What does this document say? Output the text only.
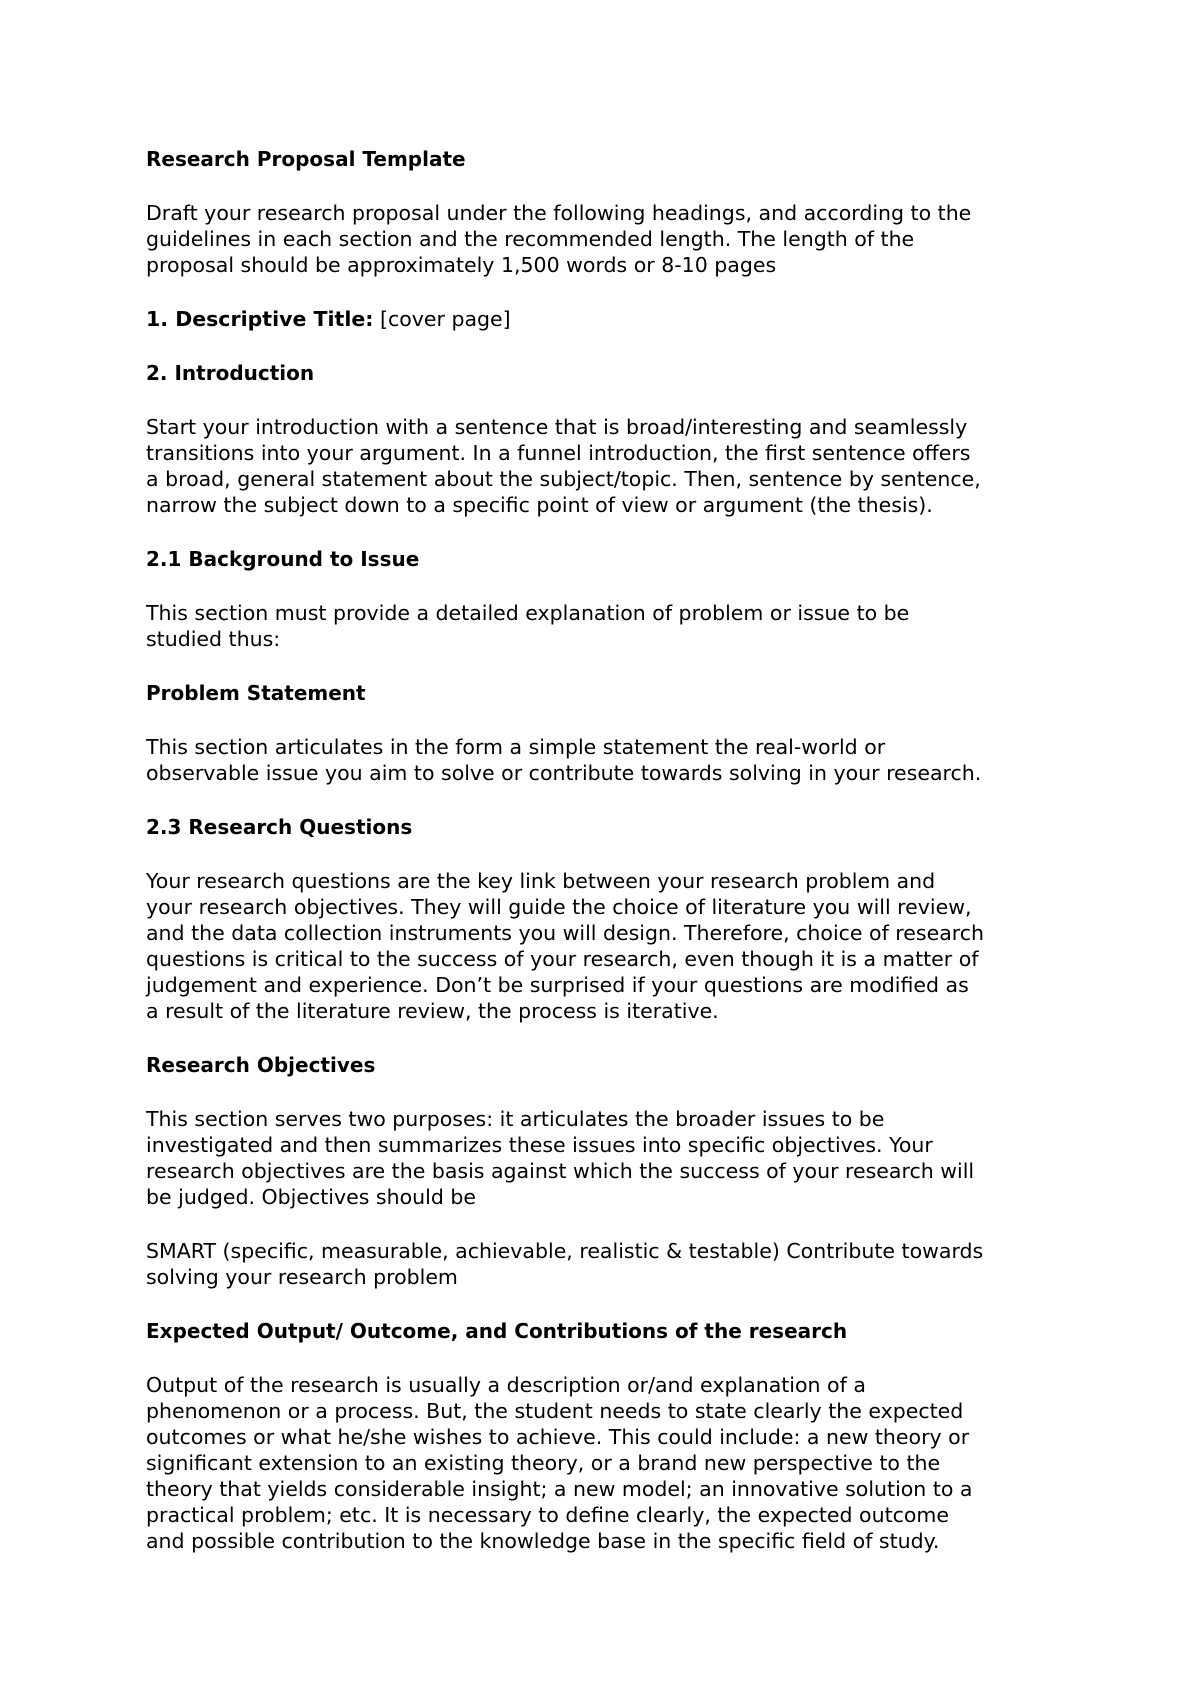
Research Proposal Template
Draft your research proposal under the following headings, and according to the
guidelines in each section and the recommended length. The length of the
proposal should be approximately 1,500 words or 8-10 pages
1. Descriptive Title: [cover page]
2. Introduction
Start your introduction with a sentence that is broad/interesting and seamlessly
transitions into your argument. In a funnel introduction, the first sentence offers
a broad, general statement about the subject/topic. Then, sentence by sentence,
narrow the subject down to a specific point of view or argument (the thesis).
2.1 Background to Issue
This section must provide a detailed explanation of problem or issue to be
studied thus:
Problem Statement
This section articulates in the form a simple statement the real-world or
observable issue you aim to solve or contribute towards solving in your research.
2.3 Research Questions
Your research questions are the key link between your research problem and
your research objectives. They will guide the choice of literature you will review,
and the data collection instruments you will design. Therefore, choice of research
questions is critical to the success of your research, even though it is a matter of
judgement and experience. Don’t be surprised if your questions are modified as
a result of the literature review, the process is iterative.
Research Objectives
This section serves two purposes: it articulates the broader issues to be
investigated and then summarizes these issues into specific objectives. Your
research objectives are the basis against which the success of your research will
be judged. Objectives should be
SMART (specific, measurable, achievable, realistic & testable) Contribute towards
solving your research problem
Expected Output/ Outcome, and Contributions of the research
Output of the research is usually a description or/and explanation of a
phenomenon or a process. But, the student needs to state clearly the expected
outcomes or what he/she wishes to achieve. This could include: a new theory or
significant extension to an existing theory, or a brand new perspective to the
theory that yields considerable insight; a new model; an innovative solution to a
practical problem; etc. It is necessary to define clearly, the expected outcome
and possible contribution to the knowledge base in the specific field of study.
